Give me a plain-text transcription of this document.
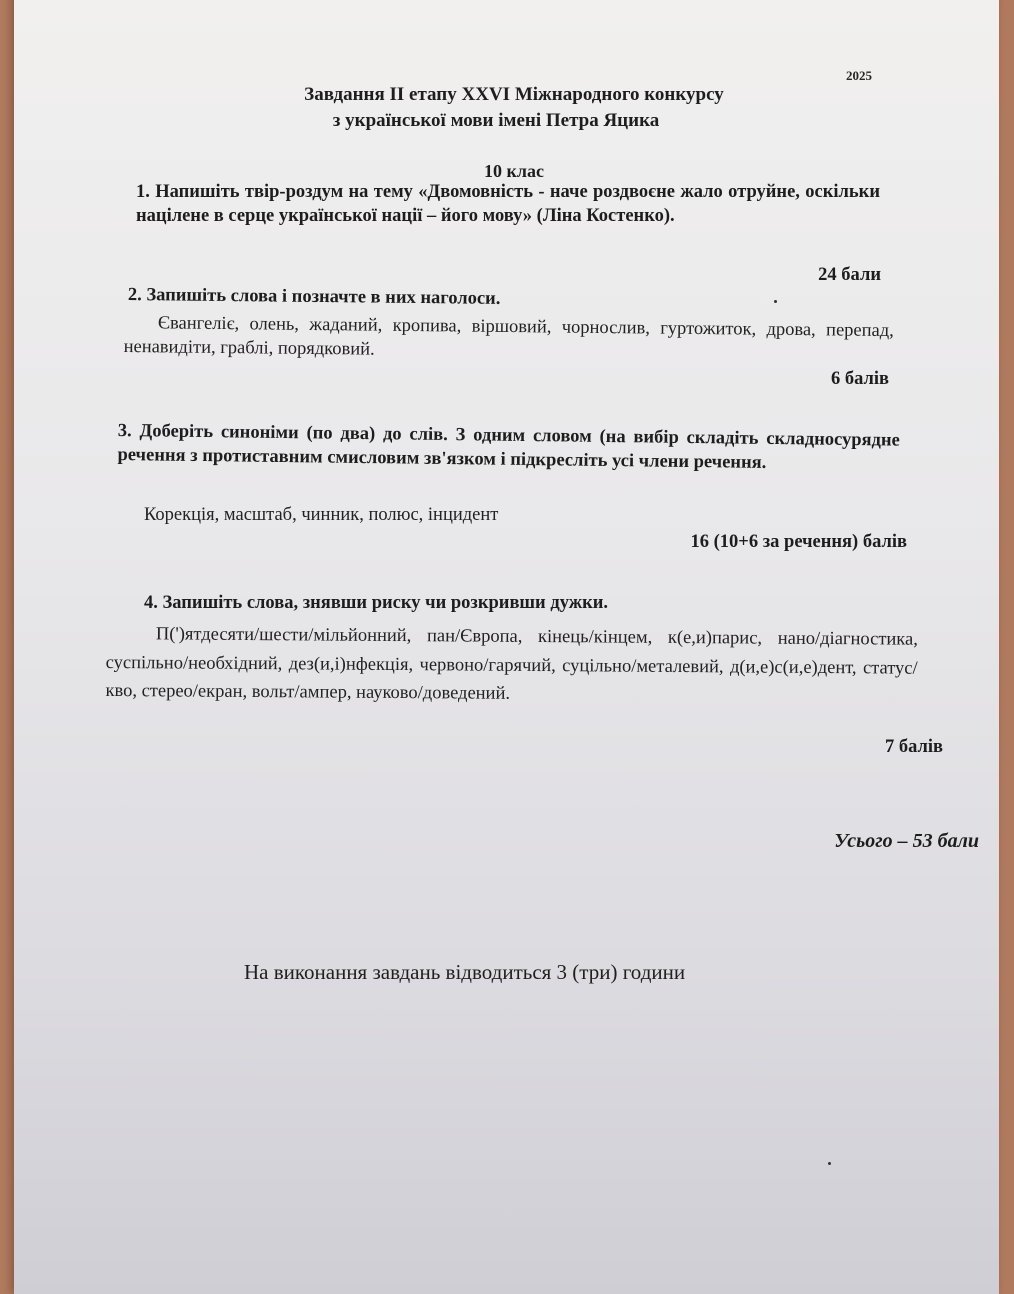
2025
Завдання II етапу XXVI Міжнародного конкурсу
з української мови імені Петра Яцика
10 клас
1. Напишіть твір-роздум на тему «Двомовність - наче роздвоєне жало отруйне, оскільки націлене в серце української нації – його мову» (Ліна Костенко).
24 бали
2. Запишіть слова і позначте в них наголоси.
Євангеліє, олень, жаданий, кропива, віршовий, чорнослив, гуртожиток, дрова, перепад, ненавидіти, граблі, порядковий.
6 балів
3. Доберіть синоніми (по два) до слів. З одним словом (на вибір складіть складносурядне речення з протиставним смисловим зв'язком і підкресліть усі члени речення.
Корекція, масштаб, чинник, полюс, інцидент
16 (10+6 за речення) балів
4. Запишіть слова, знявши риску чи розкривши дужки.
П(')ятдесяти/шести/мільйонний, пан/Європа, кінець/кінцем, к(е,и)парис, нано/діагностика, суспільно/необхідний, дез(и,і)нфекція, червоно/гарячий, суцільно/металевий, д(и,е)с(и,е)дент, статус/кво, стерео/екран, вольт/ампер, науково/доведений.
7 балів
Усього – 53 бали
На виконання завдань відводиться 3 (три) години
